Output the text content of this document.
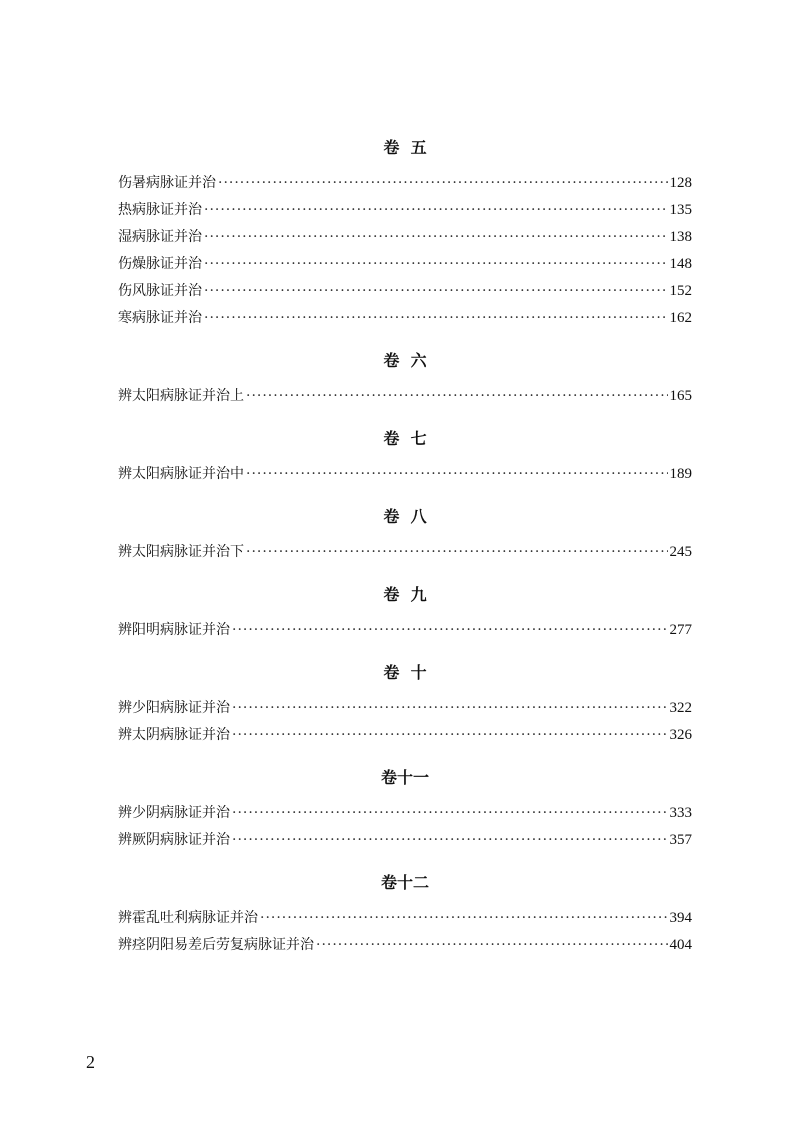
卷  五
伤暑病脉证并治 ·····	128
热病脉证并治 ·····	135
湿病脉证并治 ·····	138
伤燥脉证并治 ·····	148
伤风脉证并治 ·····	152
寒病脉证并治 ·····	162
卷  六
辨太阳病脉证并治上 ·····	165
卷  七
辨太阳病脉证并治中 ·····	189
卷  八
辨太阳病脉证并治下 ·····	245
卷  九
辨阳明病脉证并治 ·····	277
卷  十
辨少阳病脉证并治 ·····	322
辨太阴病脉证并治 ·····	326
卷十一
辨少阴病脉证并治 ·····	333
辨厥阴病脉证并治 ·····	357
卷十二
辨霍乱吐利病脉证并治 ·····	394
辨痉阴阳易差后劳复病脉证并治 ·····	404
2
